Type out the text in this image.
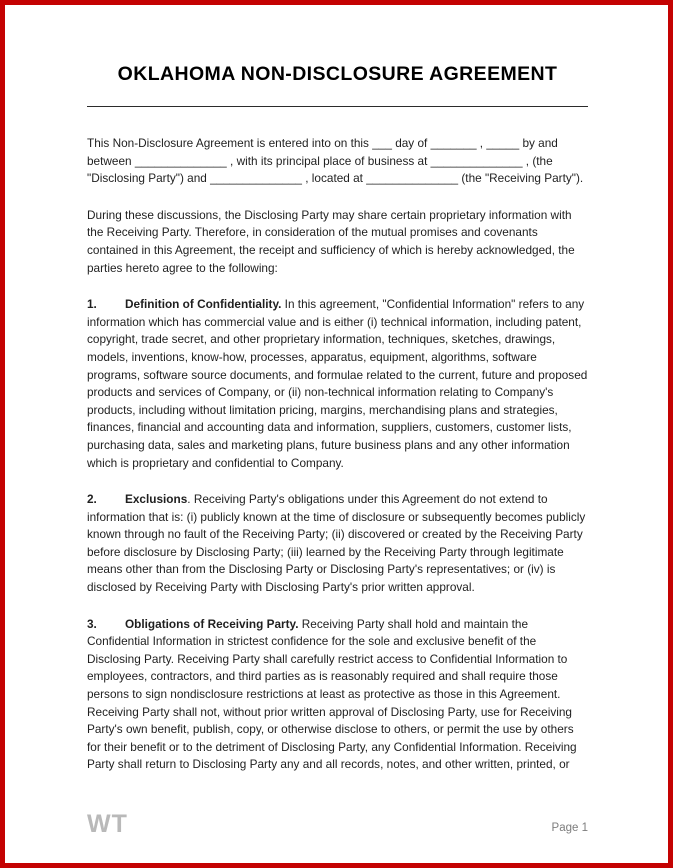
OKLAHOMA NON-DISCLOSURE AGREEMENT

This Non-Disclosure Agreement is entered into on this ___ day of _______ , _____ by and between ______________ , with its principal place of business at ______________ , (the "Disclosing Party") and ______________ , located at ______________ (the "Receiving Party").

During these discussions, the Disclosing Party may share certain proprietary information with the Receiving Party. Therefore, in consideration of the mutual promises and covenants contained in this Agreement, the receipt and sufficiency of which is hereby acknowledged, the parties hereto agree to the following:

1. Definition of Confidentiality. In this agreement, "Confidential Information" refers to any information which has commercial value and is either (i) technical information, including patent, copyright, trade secret, and other proprietary information, techniques, sketches, drawings, models, inventions, know-how, processes, apparatus, equipment, algorithms, software programs, software source documents, and formulae related to the current, future and proposed products and services of Company, or (ii) non-technical information relating to Company's products, including without limitation pricing, margins, merchandising plans and strategies, finances, financial and accounting data and information, suppliers, customers, customer lists, purchasing data, sales and marketing plans, future business plans and any other information which is proprietary and confidential to Company.

2. Exclusions. Receiving Party's obligations under this Agreement do not extend to information that is: (i) publicly known at the time of disclosure or subsequently becomes publicly known through no fault of the Receiving Party; (ii) discovered or created by the Receiving Party before disclosure by Disclosing Party; (iii) learned by the Receiving Party through legitimate means other than from the Disclosing Party or Disclosing Party's representatives; or (iv) is disclosed by Receiving Party with Disclosing Party's prior written approval.

3. Obligations of Receiving Party. Receiving Party shall hold and maintain the Confidential Information in strictest confidence for the sole and exclusive benefit of the Disclosing Party. Receiving Party shall carefully restrict access to Confidential Information to employees, contractors, and third parties as is reasonably required and shall require those persons to sign nondisclosure restrictions at least as protective as those in this Agreement. Receiving Party shall not, without prior written approval of Disclosing Party, use for Receiving Party's own benefit, publish, copy, or otherwise disclose to others, or permit the use by others for their benefit or to the detriment of Disclosing Party, any Confidential Information. Receiving Party shall return to Disclosing Party any and all records, notes, and other written, printed, or

WT	Page 1
